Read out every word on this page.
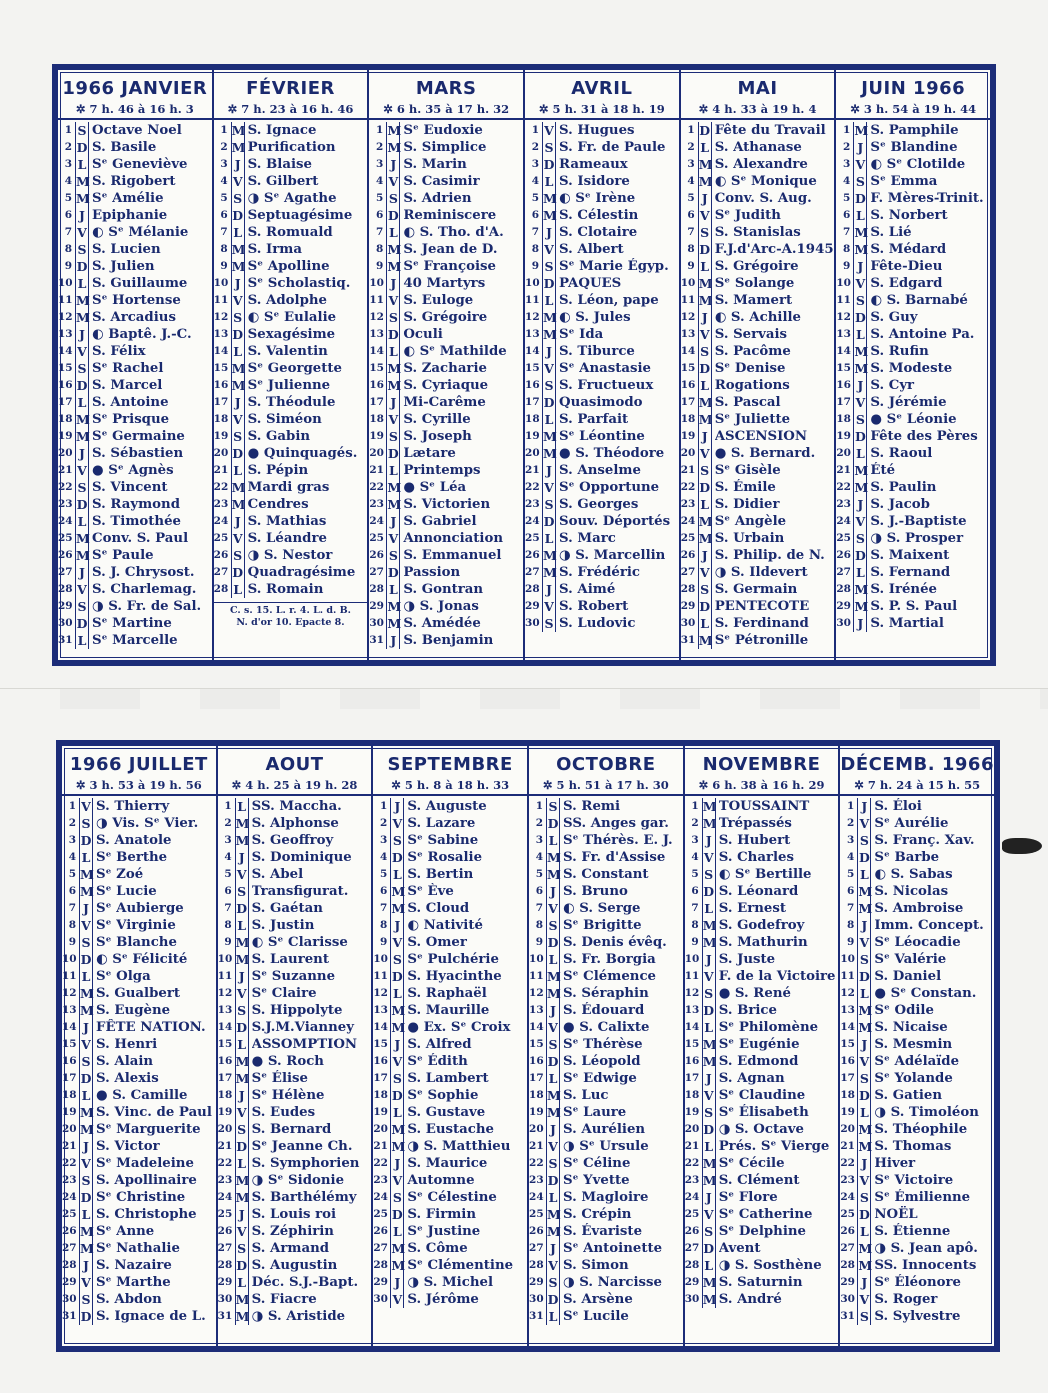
1966 JANVIER
✲ 7 h. 46 à 16 h. 3
1 S Octave Noel
2 D S. Basile
3 L Sᵉ Geneviève
4 M S. Rigobert
5 M Sᵉ Amélie
6 J Epiphanie
7 V ◐ Sᵉ Mélanie
8 S S. Lucien
9 D S. Julien
10 L S. Guillaume
11 M Sᵉ Hortense
12 M S. Arcadius
13 J ◐ Baptê. J.-C.
14 V S. Félix
15 S Sᵉ Rachel
16 D S. Marcel
17 L S. Antoine
18 M Sᵉ Prisque
19 M Sᵉ Germaine
20 J S. Sébastien
21 V ● Sᵉ Agnès
22 S S. Vincent
23 D S. Raymond
24 L S. Timothée
25 M Conv. S. Paul
26 M Sᵉ Paule
27 J S. J. Chrysost.
28 V S. Charlemag.
29 S ◑ S. Fr. de Sal.
30 D Sᵉ Martine
31 L Sᵉ Marcelle
FÉVRIER
✲ 7 h. 23 à 16 h. 46
1 M S. Ignace
2 M Purification
3 J S. Blaise
4 V S. Gilbert
5 S ◑ Sᵉ Agathe
6 D Septuagésime
7 L S. Romuald
8 M S. Irma
9 M Sᵉ Apolline
10 J Sᵉ Scholastiq.
11 V S. Adolphe
12 S ◐ Sᵉ Eulalie
13 D Sexagésime
14 L S. Valentin
15 M Sᵉ Georgette
16 M Sᵉ Julienne
17 J S. Théodule
18 V S. Siméon
19 S S. Gabin
20 D ● Quinquagés.
21 L S. Pépin
22 M Mardi gras
23 M Cendres
24 J S. Mathias
25 V S. Léandre
26 S ◑ S. Nestor
27 D Quadragésime
28 L S. Romain
C. s. 15. L. r. 4. L. d. B.
N. d'or 10. Epacte 8.
MARS
✲ 6 h. 35 à 17 h. 32
1 M Sᵉ Eudoxie
2 M S. Simplice
3 J S. Marin
4 V S. Casimir
5 S S. Adrien
6 D Reminiscere
7 L ◐ S. Tho. d'A.
8 M S. Jean de D.
9 M Sᵉ Françoise
10 J 40 Martyrs
11 V S. Euloge
12 S S. Grégoire
13 D Oculi
14 L ◐ Sᵉ Mathilde
15 M S. Zacharie
16 M S. Cyriaque
17 J Mi-Carême
18 V S. Cyrille
19 S S. Joseph
20 D Lætare
21 L Printemps
22 M ● Sᵉ Léa
23 M S. Victorien
24 J S. Gabriel
25 V Annonciation
26 S S. Emmanuel
27 D Passion
28 L S. Gontran
29 M ◑ S. Jonas
30 M S. Amédée
31 J S. Benjamin
AVRIL
✲ 5 h. 31 à 18 h. 19
1 V S. Hugues
2 S S. Fr. de Paule
3 D Rameaux
4 L S. Isidore
5 M ◐ Sᵉ Irène
6 M S. Célestin
7 J S. Clotaire
8 V S. Albert
9 S Sᵉ Marie Égyp.
10 D PAQUES
11 L S. Léon, pape
12 M ◐ S. Jules
13 M Sᵉ Ida
14 J S. Tiburce
15 V Sᵉ Anastasie
16 S S. Fructueux
17 D Quasimodo
18 L S. Parfait
19 M Sᵉ Léontine
20 M ● S. Théodore
21 J S. Anselme
22 V Sᵉ Opportune
23 S S. Georges
24 D Souv. Déportés
25 L S. Marc
26 M ◑ S. Marcellin
27 M S. Frédéric
28 J S. Aimé
29 V S. Robert
30 S S. Ludovic
MAI
✲ 4 h. 33 à 19 h. 4
1 D Fête du Travail
2 L S. Athanase
3 M S. Alexandre
4 M ◐ Sᵉ Monique
5 J Conv. S. Aug.
6 V Sᵉ Judith
7 S S. Stanislas
8 D F.J.d'Arc-A.1945
9 L S. Grégoire
10 M Sᵉ Solange
11 M S. Mamert
12 J ◐ S. Achille
13 V S. Servais
14 S S. Pacôme
15 D Sᵉ Denise
16 L Rogations
17 M S. Pascal
18 M Sᵉ Juliette
19 J ASCENSION
20 V ● S. Bernard.
21 S Sᵉ Gisèle
22 D S. Émile
23 L S. Didier
24 M Sᵉ Angèle
25 M S. Urbain
26 J S. Philip. de N.
27 V ◑ S. Ildevert
28 S S. Germain
29 D PENTECOTE
30 L S. Ferdinand
31 M Sᵉ Pétronille
JUIN 1966
✲ 3 h. 54 à 19 h. 44
1 M S. Pamphile
2 J Sᵉ Blandine
3 V ◐ Sᵉ Clotilde
4 S Sᵉ Emma
5 D F. Mères-Trinit.
6 L S. Norbert
7 M S. Lié
8 M S. Médard
9 J Fête-Dieu
10 V S. Edgard
11 S ◐ S. Barnabé
12 D S. Guy
13 L S. Antoine Pa.
14 M S. Rufin
15 M S. Modeste
16 J S. Cyr
17 V S. Jérémie
18 S ● Sᵉ Léonie
19 D Fête des Pères
20 L S. Raoul
21 M Été
22 M S. Paulin
23 J S. Jacob
24 V S. J.-Baptiste
25 S ◑ S. Prosper
26 D S. Maixent
27 L S. Fernand
28 M S. Irénée
29 M S. P. S. Paul
30 J S. Martial
1966 JUILLET
✲ 3 h. 53 à 19 h. 56
1 V S. Thierry
2 S ◑ Vis. Sᵉ Vier.
3 D S. Anatole
4 L Sᵉ Berthe
5 M Sᵉ Zoé
6 M Sᵉ Lucie
7 J Sᵉ Aubierge
8 V Sᵉ Virginie
9 S Sᵉ Blanche
10 D ◐ Sᵉ Félicité
11 L Sᵉ Olga
12 M S. Gualbert
13 M S. Eugène
14 J FÊTE NATION.
15 V S. Henri
16 S S. Alain
17 D S. Alexis
18 L ● S. Camille
19 M S. Vinc. de Paul
20 M Sᵉ Marguerite
21 J S. Victor
22 V Sᵉ Madeleine
23 S S. Apollinaire
24 D Sᵉ Christine
25 L S. Christophe
26 M Sᵉ Anne
27 M Sᵉ Nathalie
28 J S. Nazaire
29 V Sᵉ Marthe
30 S S. Abdon
31 D S. Ignace de L.
AOUT
✲ 4 h. 25 à 19 h. 28
1 L SS. Maccha.
2 M S. Alphonse
3 M S. Geoffroy
4 J S. Dominique
5 V S. Abel
6 S Transfigurat.
7 D S. Gaétan
8 L S. Justin
9 M ◐ Sᵉ Clarisse
10 M S. Laurent
11 J Sᵉ Suzanne
12 V Sᵉ Claire
13 S S. Hippolyte
14 D S.J.M.Vianney
15 L ASSOMPTION
16 M ● S. Roch
17 M Sᵉ Élise
18 J Sᵉ Hélène
19 V S. Eudes
20 S S. Bernard
21 D Sᵉ Jeanne Ch.
22 L S. Symphorien
23 M ◑ Sᵉ Sidonie
24 M S. Barthélémy
25 J S. Louis roi
26 V S. Zéphirin
27 S S. Armand
28 D S. Augustin
29 L Déc. S.J.-Bapt.
30 M S. Fiacre
31 M ◑ S. Aristide
SEPTEMBRE
✲ 5 h. 8 à 18 h. 33
1 J S. Auguste
2 V S. Lazare
3 S Sᵉ Sabine
4 D Sᵉ Rosalie
5 L S. Bertin
6 M Sᵉ Ève
7 M S. Cloud
8 J ◐ Nativité
9 V S. Omer
10 S Sᵉ Pulchérie
11 D S. Hyacinthe
12 L S. Raphaël
13 M S. Maurille
14 M ● Ex. Sᵉ Croix
15 J S. Alfred
16 V Sᵉ Édith
17 S S. Lambert
18 D Sᵉ Sophie
19 L S. Gustave
20 M S. Eustache
21 M ◑ S. Matthieu
22 J S. Maurice
23 V Automne
24 S Sᵉ Célestine
25 D S. Firmin
26 L Sᵉ Justine
27 M S. Côme
28 M Sᵉ Clémentine
29 J ◑ S. Michel
30 V S. Jérôme
OCTOBRE
✲ 5 h. 51 à 17 h. 30
1 S S. Remi
2 D SS. Anges gar.
3 L Sᵉ Thérès. E. J.
4 M S. Fr. d'Assise
5 M S. Constant
6 J S. Bruno
7 V ◐ S. Serge
8 S Sᵉ Brigitte
9 D S. Denis évêq.
10 L S. Fr. Borgia
11 M Sᵉ Clémence
12 M S. Séraphin
13 J S. Édouard
14 V ● S. Calixte
15 S Sᵉ Thérèse
16 D S. Léopold
17 L Sᵉ Edwige
18 M S. Luc
19 M Sᵉ Laure
20 J S. Aurélien
21 V ◑ Sᵉ Ursule
22 S Sᵉ Céline
23 D Sᵉ Yvette
24 L S. Magloire
25 M S. Crépin
26 M S. Évariste
27 J Sᵉ Antoinette
28 V S. Simon
29 S ◑ S. Narcisse
30 D S. Arsène
31 L Sᵉ Lucile
NOVEMBRE
✲ 6 h. 38 à 16 h. 29
1 M TOUSSAINT
2 M Trépassés
3 J S. Hubert
4 V S. Charles
5 S ◐ Sᵉ Bertille
6 D S. Léonard
7 L S. Ernest
8 M S. Godefroy
9 M S. Mathurin
10 J S. Juste
11 V F. de la Victoire
12 S ● S. René
13 D S. Brice
14 L Sᵉ Philomène
15 M Sᵉ Eugénie
16 M S. Edmond
17 J S. Agnan
18 V Sᵉ Claudine
19 S Sᵉ Élisabeth
20 D ◑ S. Octave
21 L Prés. Sᵉ Vierge
22 M Sᵉ Cécile
23 M S. Clément
24 J Sᵉ Flore
25 V Sᵉ Catherine
26 S Sᵉ Delphine
27 D Avent
28 L ◑ S. Sosthène
29 M S. Saturnin
30 M S. André
DÉCEMB. 1966
✲ 7 h. 24 à 15 h. 55
1 J S. Éloi
2 V Sᵉ Aurélie
3 S S. Franç. Xav.
4 D Sᵉ Barbe
5 L ◐ S. Sabas
6 M S. Nicolas
7 M S. Ambroise
8 J Imm. Concept.
9 V Sᵉ Léocadie
10 S Sᵉ Valérie
11 D S. Daniel
12 L ● Sᵉ Constan.
13 M Sᵉ Odile
14 M S. Nicaise
15 J S. Mesmin
16 V Sᵉ Adélaïde
17 S Sᵉ Yolande
18 D S. Gatien
19 L ◑ S. Timoléon
20 M S. Théophile
21 M S. Thomas
22 J Hiver
23 V Sᵉ Victoire
24 S Sᵉ Émilienne
25 D NOËL
26 L S. Étienne
27 M ◑ S. Jean apô.
28 M SS. Innocents
29 J Sᵉ Éléonore
30 V S. Roger
31 S S. Sylvestre
